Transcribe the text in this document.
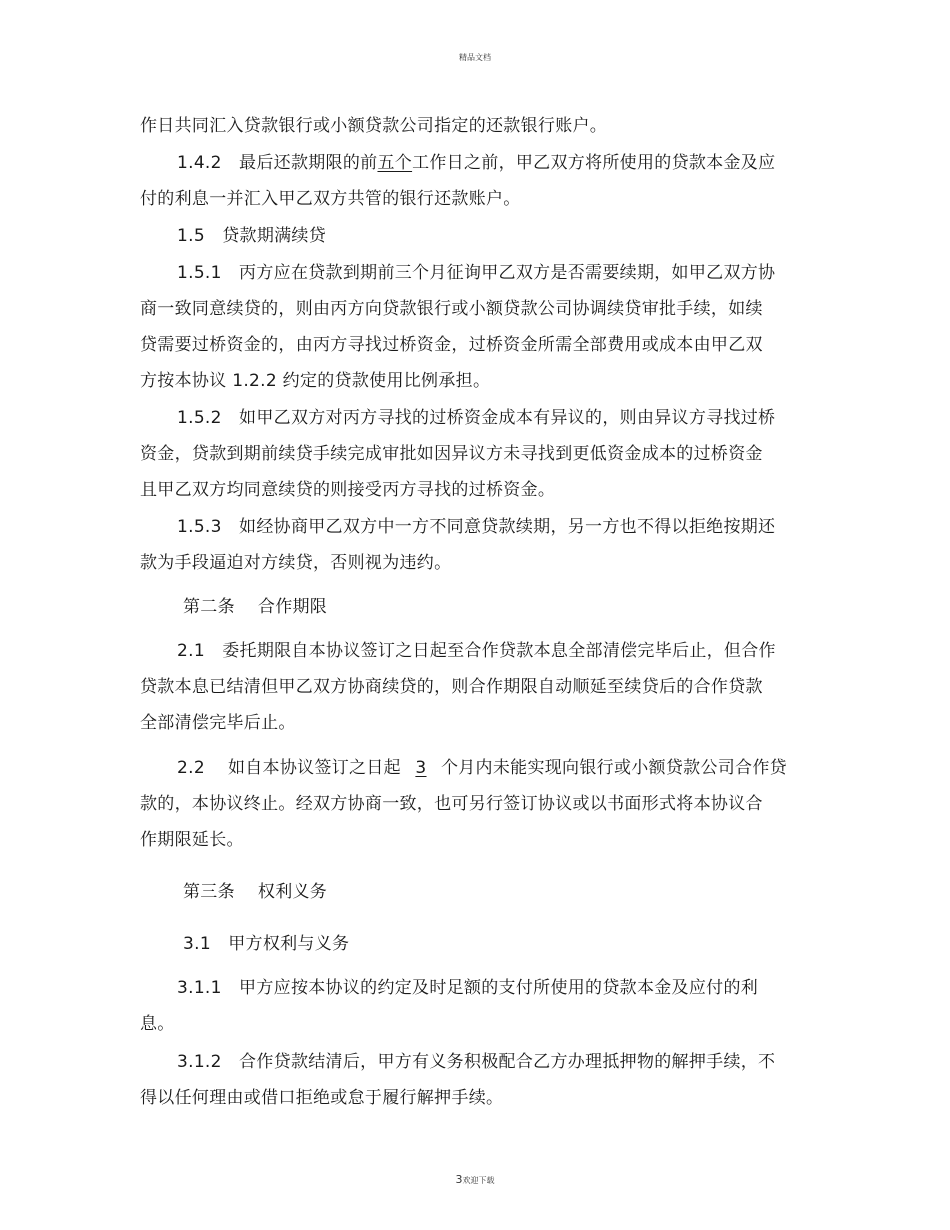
精品文档
作日共同汇入贷款银行或小额贷款公司指定的还款银行账户。
1.4.2　最后还款期限的前五个工作日之前，甲乙双方将所使用的贷款本金及应
付的利息一并汇入甲乙双方共管的银行还款账户。
1.5　贷款期满续贷
1.5.1　丙方应在贷款到期前三个月征询甲乙双方是否需要续期，如甲乙双方协
商一致同意续贷的，则由丙方向贷款银行或小额贷款公司协调续贷审批手续，如续
贷需要过桥资金的，由丙方寻找过桥资金，过桥资金所需全部费用或成本由甲乙双
方按本协议 1.2.2 约定的贷款使用比例承担。
1.5.2　如甲乙双方对丙方寻找的过桥资金成本有异议的，则由异议方寻找过桥
资金，贷款到期前续贷手续完成审批如因异议方未寻找到更低资金成本的过桥资金
且甲乙双方均同意续贷的则接受丙方寻找的过桥资金。
1.5.3　如经协商甲乙双方中一方不同意贷款续期，另一方也不得以拒绝按期还
款为手段逼迫对方续贷，否则视为违约。
第二条　 合作期限
2.1　委托期限自本协议签订之日起至合作贷款本息全部清偿完毕后止，但合作
贷款本息已结清但甲乙双方协商续贷的，则合作期限自动顺延至续贷后的合作贷款
全部清偿完毕后止。
2.2　 如自本协议签订之日起 3 个月内未能实现向银行或小额贷款公司合作贷
款的，本协议终止。经双方协商一致，也可另行签订协议或以书面形式将本协议合
作期限延长。
第三条　 权利义务
3.1　甲方权利与义务
3.1.1　甲方应按本协议的约定及时足额的支付所使用的贷款本金及应付的利
息。
3.1.2　合作贷款结清后，甲方有义务积极配合乙方办理抵押物的解押手续，不
得以任何理由或借口拒绝或怠于履行解押手续。
3欢迎下载
